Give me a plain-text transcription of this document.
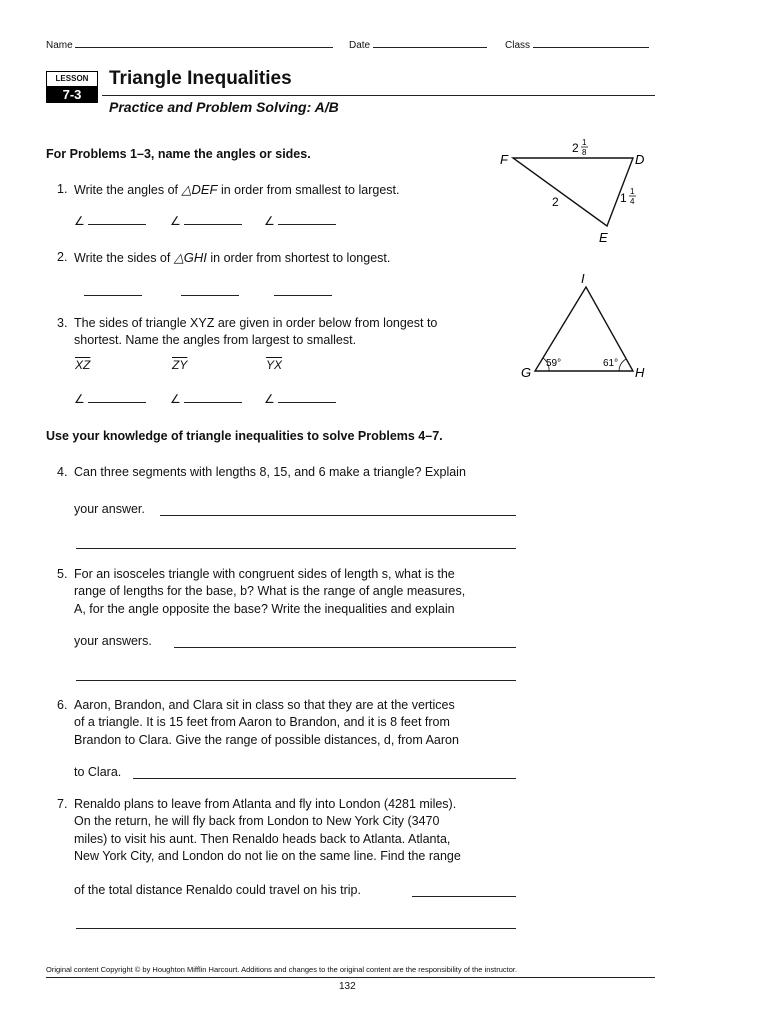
Name	Date	Class
LESSON
7-3
Triangle Inequalities
Practice and Problem Solving: A/B
For Problems 1–3, name the angles or sides.
1. Write the angles of △DEF in order from smallest to largest.
∠	∠	∠
2. Write the sides of △GHI in order from shortest to longest.
3. The sides of triangle XYZ are given in order below from longest to
shortest. Name the angles from largest to smallest.
$\overline{XZ}$	$\overline{ZY}$	$\overline{YX}$
∠	∠	∠
F	D
E
2 1
8
1 1
4
2
I
G	H
59°	61°
Use your knowledge of triangle inequalities to solve Problems 4–7.
4. Can three segments with lengths 8, 15, and 6 make a triangle? Explain
your answer.
5. For an isosceles triangle with congruent sides of length s, what is the
range of lengths for the base, b? What is the range of angle measures,
A, for the angle opposite the base? Write the inequalities and explain
your answers.
6. Aaron, Brandon, and Clara sit in class so that they are at the vertices
of a triangle. It is 15 feet from Aaron to Brandon, and it is 8 feet from
Brandon to Clara. Give the range of possible distances, d, from Aaron
to Clara.
7. Renaldo plans to leave from Atlanta and fly into London (4281 miles).
On the return, he will fly back from London to New York City (3470
miles) to visit his aunt. Then Renaldo heads back to Atlanta. Atlanta,
New York City, and London do not lie on the same line. Find the range
of the total distance Renaldo could travel on his trip.
Original content Copyright © by Houghton Mifflin Harcourt. Additions and changes to the original content are the responsibility of the instructor.
132
